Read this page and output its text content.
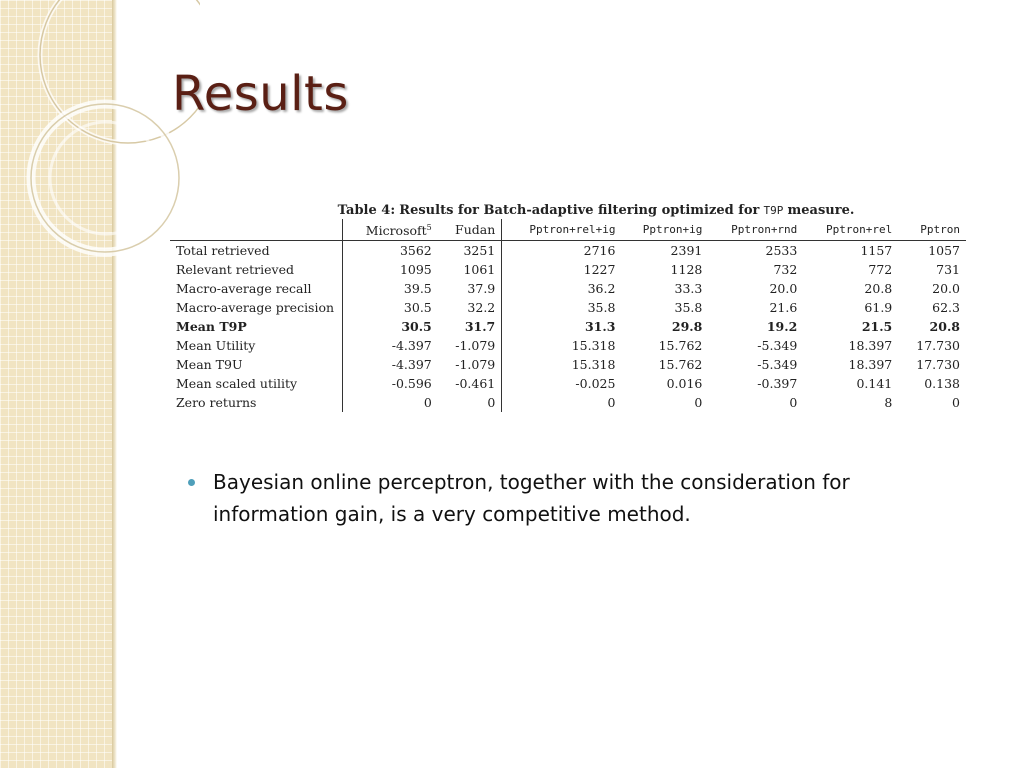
Results
Table 4: Results for Batch-adaptive filtering optimized for T9P measure.
	Microsoft$^5$	Fudan	Pptron+rel+ig	Pptron+ig	Pptron+rnd	Pptron+rel	Pptron
Total retrieved	3562	3251	2716	2391	2533	1157	1057
Relevant retrieved	1095	1061	1227	1128	732	772	731
Macro-average recall	39.5	37.9	36.2	33.3	20.0	20.8	20.0
Macro-average precision	30.5	32.2	35.8	35.8	21.6	61.9	62.3
Mean T9P	30.5	31.7	31.3	29.8	19.2	21.5	20.8
Mean Utility	-4.397	-1.079	15.318	15.762	-5.349	18.397	17.730
Mean T9U	-4.397	-1.079	15.318	15.762	-5.349	18.397	17.730
Mean scaled utility	-0.596	-0.461	-0.025	0.016	-0.397	0.141	0.138
Zero returns	0	0	0	0	0	8	0
Bayesian online perceptron, together with the consideration for information gain, is a very competitive method.
